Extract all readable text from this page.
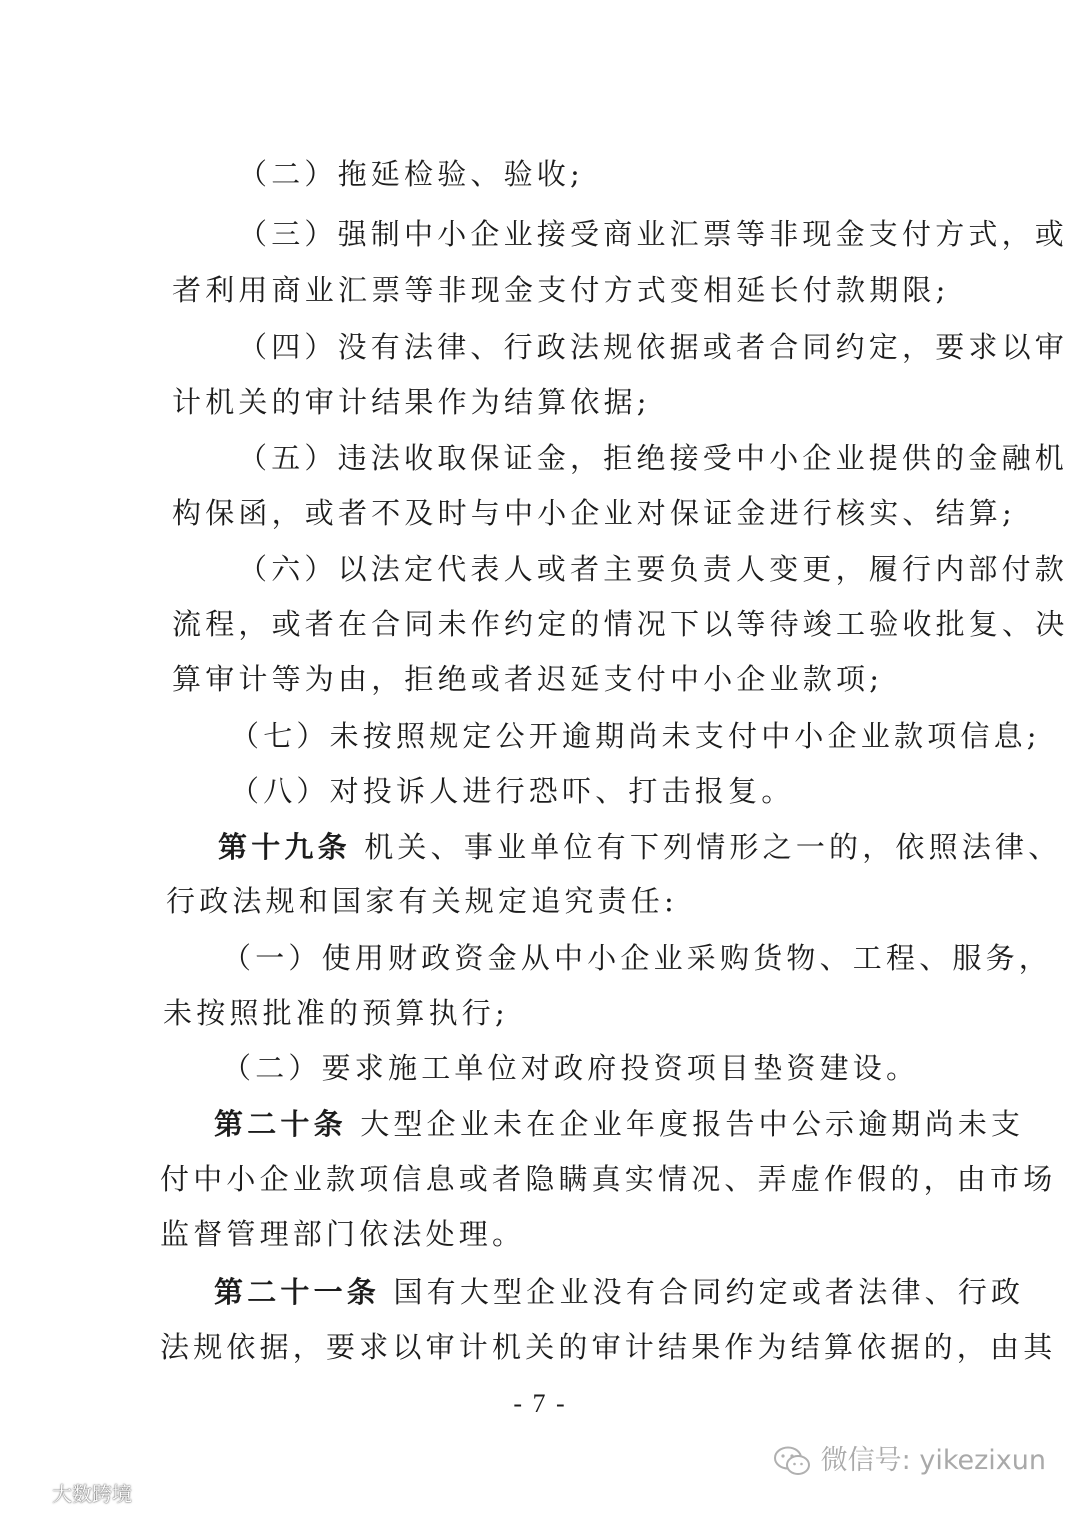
（二）拖延检验、验收;
（三）强制中小企业接受商业汇票等非现金支付方式，或
者利用商业汇票等非现金支付方式变相延长付款期限;
（四）没有法律、行政法规依据或者合同约定，要求以审
计机关的审计结果作为结算依据;
（五）违法收取保证金，拒绝接受中小企业提供的金融机
构保函，或者不及时与中小企业对保证金进行核实、结算;
（六）以法定代表人或者主要负责人变更，履行内部付款
流程，或者在合同未作约定的情况下以等待竣工验收批复、决
算审计等为由，拒绝或者迟延支付中小企业款项;
（七）未按照规定公开逾期尚未支付中小企业款项信息;
（八）对投诉人进行恐吓、打击报复。
第十九条 机关、事业单位有下列情形之一的，依照法律、
行政法规和国家有关规定追究责任:
（一）使用财政资金从中小企业采购货物、工程、服务，
未按照批准的预算执行;
（二）要求施工单位对政府投资项目垫资建设。
第二十条 大型企业未在企业年度报告中公示逾期尚未支
付中小企业款项信息或者隐瞒真实情况、弄虚作假的，由市场
监督管理部门依法处理。
第二十一条 国有大型企业没有合同约定或者法律、行政
法规依据，要求以审计机关的审计结果作为结算依据的，由其
- 7 -
微信号: yikezixun
大数跨境
